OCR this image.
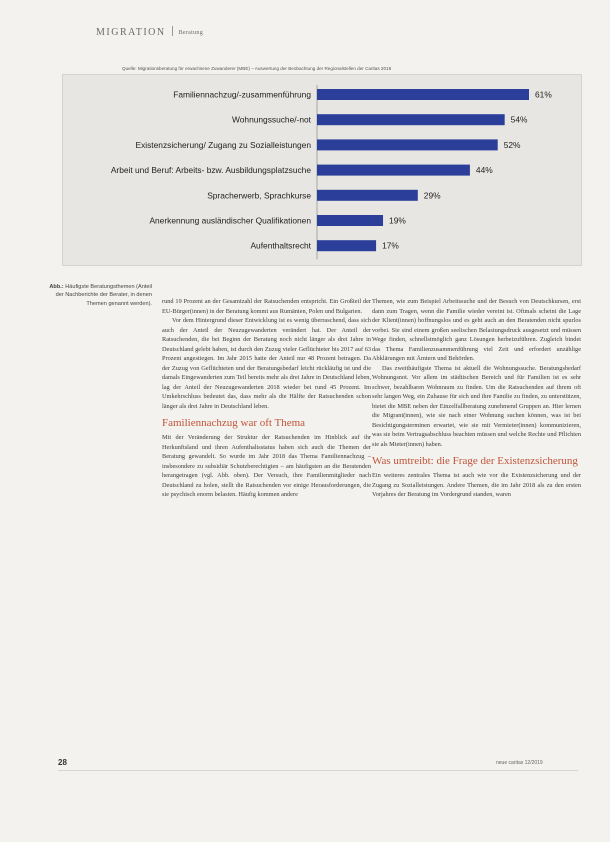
MIGRATION Beratung
Quelle: Migrationsberatung für erwachsene Zuwanderer (MBE) – Auswertung der Beobachtung der Regionalstellen der Caritas 2018
Familiennachzug/-zusammenführung	61%
Wohnungssuche/-not	54%
Existenzsicherung/ Zugang zu Sozialleistungen	52%
Arbeit und Beruf: Arbeits- bzw. Ausbildungsplatzsuche	44%
Spracherwerb, Sprachkurse	29%
Anerkennung ausländischer Qualifikationen	19%
Aufenthaltsrecht	17%
Abb.: Häufigste Beratungsthemen (Anteil der Nachberichte der Berater, in denen Themen genannt werden). rund 19 Prozent an der Gesamtzahl der Ratsuchenden entspricht. Ein Großteil der EU-Bürger(innen) in der Beratung kommt aus Rumänien, Polen und Bulgarien.

Vor dem Hintergrund dieser Entwicklung ist es wenig überraschend, dass sich auch der Anteil der Neuzugewanderten verändert hat. Der Anteil der Ratsuchenden, die bei Beginn der Beratung noch nicht länger als drei Jahre in Deutschland gelebt haben, ist durch den Zuzug vieler Geflüchteter bis 2017 auf 63 Prozent angestiegen. Im Jahr 2015 hatte der Anteil nur 48 Prozent betragen. Da der Zuzug von Geflüchteten und der Beratungsbedarf leicht rückläufig ist und die damals Eingewanderten zum Teil bereits mehr als drei Jahre in Deutschland leben, lag der Anteil der Neuzugewanderten 2018 wieder bei rund 45 Prozent. Im Umkehrschluss bedeutet das, dass mehr als die Hälfte der Ratsuchenden schon länger als drei Jahre in Deutschland leben.

Familiennachzug war oft Thema

Mit der Veränderung der Struktur der Ratsuchenden im Hinblick auf ihr Herkunftsland und ihren Aufenthaltsstatus haben sich auch die Themen der Beratung gewandelt. So wurde im Jahr 2018 das Thema Familiennachzug – insbesondere zu subsidiär Schutzberechtigten – am häufigsten an die Beratenden herangetragen (vgl. Abb. oben). Der Versuch, ihre Familienmitglieder nach Deutschland zu holen, stellt die Ratsuchenden vor einige Herausforderungen, die sie psychisch enorm belasten. Häufig kommen andere

Themen, wie zum Beispiel Arbeitssuche und der Besuch von Deutschkursen, erst dann zum Tragen, wenn die Familie wieder vereint ist. Oftmals scheint die Lage der Klient(innen) hoffnungslos und es geht auch an den Beratenden nicht spurlos vorbei. Sie sind einem großen seelischen Belastungsdruck ausgesetzt und müssen Wege finden, schnellstmöglich ganz Lösungen herbeizuführen. Zugleich bindet das Thema Familienzusammenführung viel Zeit und erfordert unzählige Abklärungen mit Ämtern und Behörden.

Das zweithäufigste Thema ist aktuell die Wohnungssuche. Beratungsbedarf Wohnungsnot. Vor allem im städtischen Bereich und für Familien ist es sehr schwer, bezahlbaren Wohnraum zu finden. Um die Ratsuchenden auf ihrem oft sehr langen Weg, ein Zuhause für sich und ihre Familie zu finden, zu unterstützen, bietet die MBE neben der Einzelfallberatung zunehmend Gruppen an. Hier lernen die Migrant(innen), wie sie nach einer Wohnung suchen können, was ist bei Besichtigungsterminen erwartet, wie sie mit Vermieter(innen) kommunizieren, was sie beim Vertragsabschluss beachten müssen und welche Rechte und Pflichten sie als Mieter(innen) haben.

Was umtreibt: die Frage der Existenzsicherung

Ein weiteres zentrales Thema ist auch wie vor die Existenzsicherung und der Zugang zu Sozialleistungen. Andere Themen, die im Jahr 2018 als zu den ersten Vorjahres der Beratung im Vordergrund standen, waren

28	neue caritas 12/2019
